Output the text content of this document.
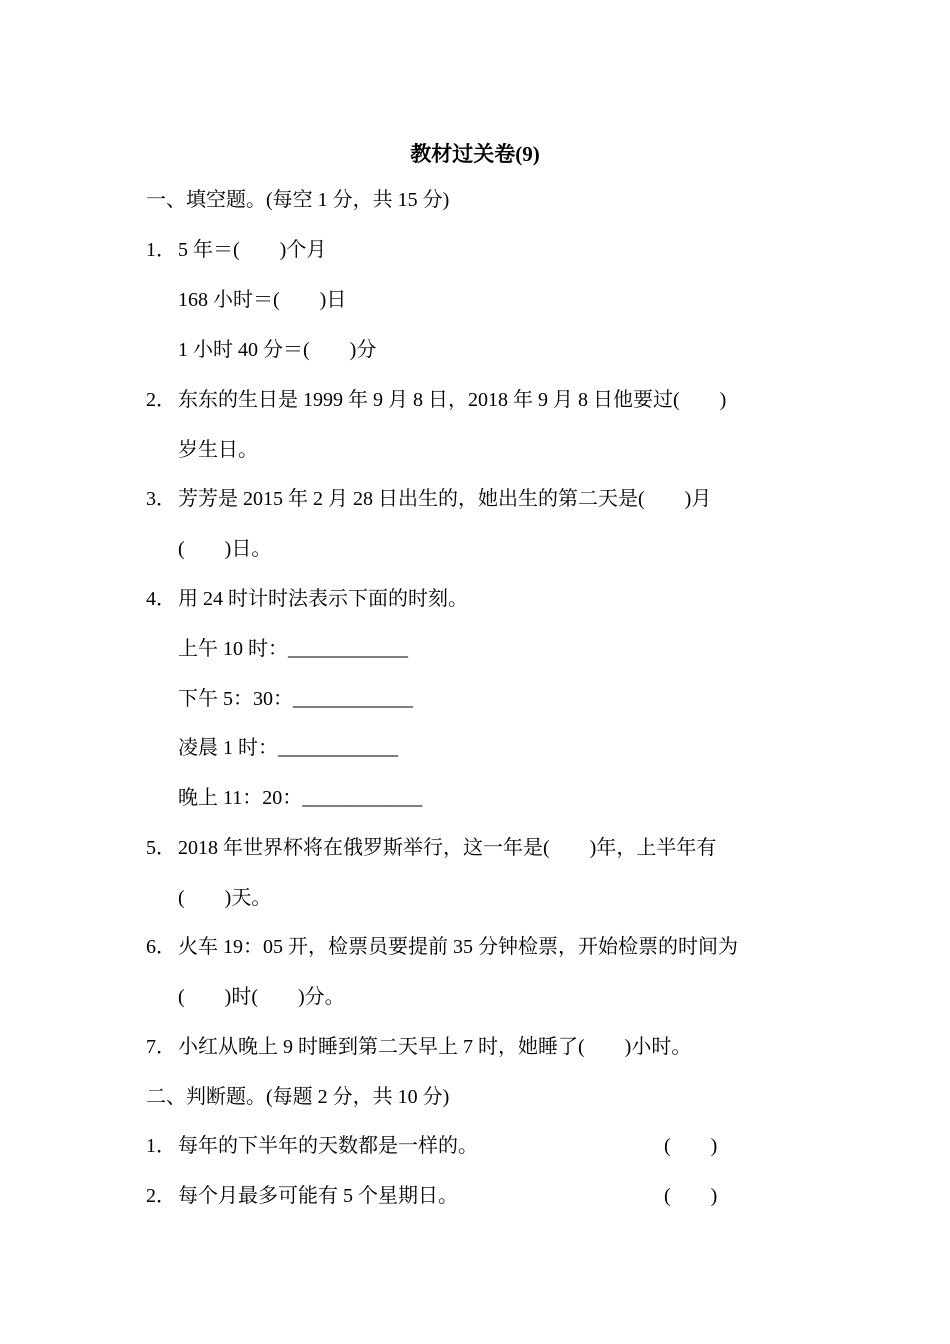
教材过关卷(9)
一、填空题。(每空 1 分，共 15 分)
1． 5 年＝(　　)个月
168 小时＝(　　)日
1 小时 40 分＝(　　)分
2． 东东的生日是 1999 年 9 月 8 日，2018 年 9 月 8 日他要过(　　)
岁生日。
3． 芳芳是 2015 年 2 月 28 日出生的，她出生的第二天是(　　)月
(　　)日。
4． 用 24 时计时法表示下面的时刻。
上午 10 时：____________
下午 5：30：____________
凌晨 1 时：____________
晚上 11：20：____________
5． 2018 年世界杯将在俄罗斯举行，这一年是(　　)年，上半年有
(　　)天。
6． 火车 19：05 开，检票员要提前 35 分钟检票，开始检票的时间为
(　　)时(　　)分。
7． 小红从晚上 9 时睡到第二天早上 7 时，她睡了(　　)小时。
二、判断题。(每题 2 分，共 10 分)
1． 每年的下半年的天数都是一样的。	(　　)
2． 每个月最多可能有 5 个星期日。	(　　)
